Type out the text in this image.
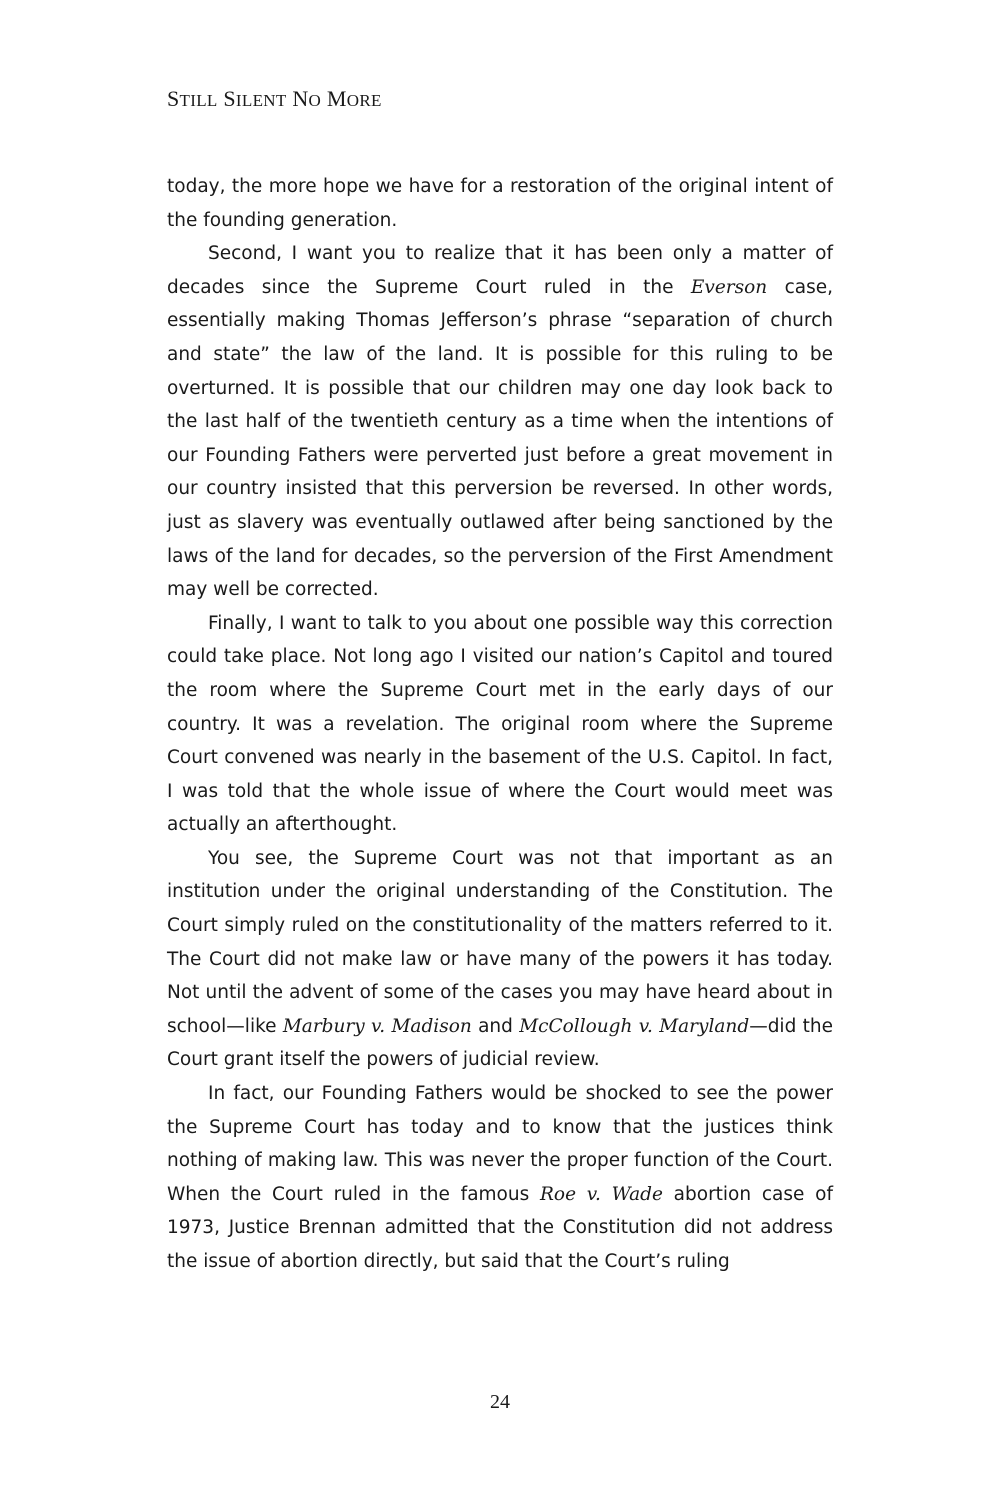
STILL SILENT NO MORE

today, the more hope we have for a restoration of the original intent of the founding generation.

Second, I want you to realize that it has been only a matter of decades since the Supreme Court ruled in the Everson case, essentially making Thomas Jefferson’s phrase “separation of church and state” the law of the land. It is possible for this ruling to be overturned. It is possible that our children may one day look back to the last half of the twentieth century as a time when the intentions of our Founding Fathers were perverted just before a great movement in our country insisted that this perversion be reversed. In other words, just as slavery was eventually outlawed after being sanctioned by the laws of the land for decades, so the perversion of the First Amendment may well be corrected.

Finally, I want to talk to you about one possible way this correction could take place. Not long ago I visited our nation’s Capitol and toured the room where the Supreme Court met in the early days of our country. It was a revelation. The original room where the Supreme Court convened was nearly in the basement of the U.S. Capitol. In fact, I was told that the whole issue of where the Court would meet was actually an afterthought.

You see, the Supreme Court was not that important as an institution under the original understanding of the Constitution. The Court simply ruled on the constitutionality of the matters referred to it. The Court did not make law or have many of the powers it has today. Not until the advent of some of the cases you may have heard about in school—like Marbury v. Madison and McCollough v. Maryland—did the Court grant itself the powers of judicial review.

In fact, our Founding Fathers would be shocked to see the power the Supreme Court has today and to know that the justices think nothing of making law. This was never the proper function of the Court. When the Court ruled in the famous Roe v. Wade abortion case of 1973, Justice Brennan admitted that the Constitution did not address the issue of abortion directly, but said that the Court’s ruling

24
